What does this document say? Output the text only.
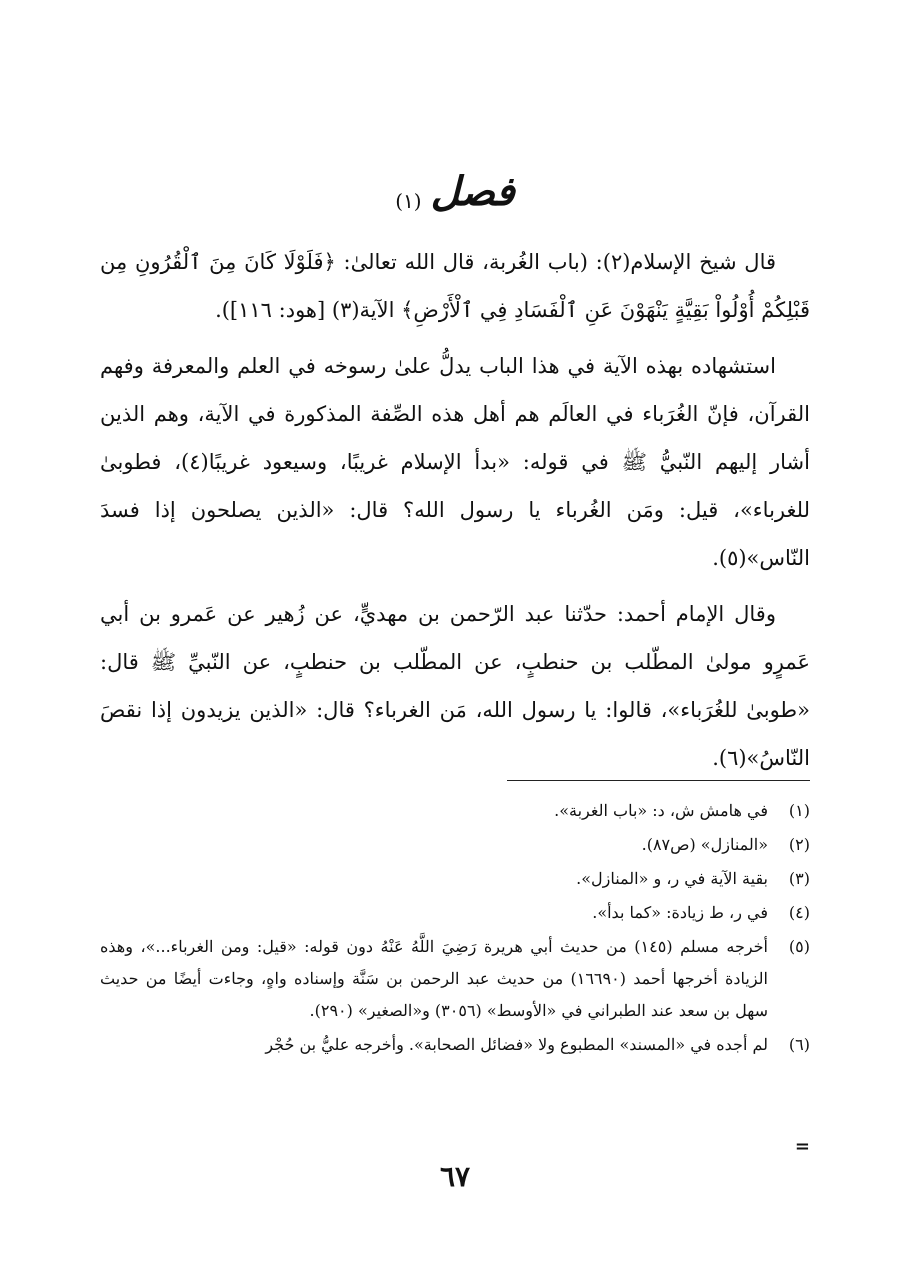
فصل (١)

قال شيخ الإسلام(٢): (باب الغُربة، قال الله تعالىٰ: ﴿فَلَوْلَا كَانَ مِنَ ٱلْقُرُونِ مِن قَبْلِكُمْ أُوْلُواْ بَقِيَّةٍ يَنْهَوْنَ عَنِ ٱلْفَسَادِ فِي ٱلْأَرْضِ﴾ الآية(٣) [هود: ١١٦]).

استشهاده بهذه الآية في هذا الباب يدلُّ علىٰ رسوخه في العلم والمعرفة وفهم القرآن، فإنّ الغُرَباء في العالَم هم أهل هذه الصِّفة المذكورة في الآية، وهم الذين أشار إليهم النّبيُّ ﷺ في قوله: «بدأ الإسلام غريبًا، وسيعود غريبًا(٤)، فطوبىٰ للغرباء»، قيل: ومَن الغُرباء يا رسول الله؟ قال: «الذين يصلحون إذا فسدَ النّاس»(٥).

وقال الإمام أحمد: حدّثنا عبد الرّحمن بن مهديٍّ، عن زُهير عن عَمرو بن أبي عَمرٍو مولىٰ المطّلب بن حنطبٍ، عن المطّلب بن حنطبٍ، عن النّبيِّ ﷺ قال: «طوبىٰ للغُرَباء»، قالوا: يا رسول الله، مَن الغرباء؟ قال: «الذين يزيدون إذا نقصَ النّاسُ»(٦).

(١)
في هامش ش، د: «باب الغربة».
(٢)
«المنازل» (ص٨٧).
(٣)
بقية الآية في ر، و «المنازل».
(٤)
في ر، ط زيادة: «كما بدأ».
(٥)
أخرجه مسلم (١٤٥) من حديث أبي هريرة رَضِيَ اللَّهُ عَنْهُ دون قوله: «قيل: ومن الغرباء...»، وهذه الزيادة أخرجها أحمد (١٦٦٩٠) من حديث عبد الرحمن بن سَنَّة وإسناده واهٍ، وجاءت أيضًا من حديث سهل بن سعد عند الطبراني في «الأوسط» (٣٠٥٦) و«الصغير» (٢٩٠).
(٦)
لم أجده في «المسند» المطبوع ولا «فضائل الصحابة». وأخرجه عليُّ بن حُجْر
=
٦٧
